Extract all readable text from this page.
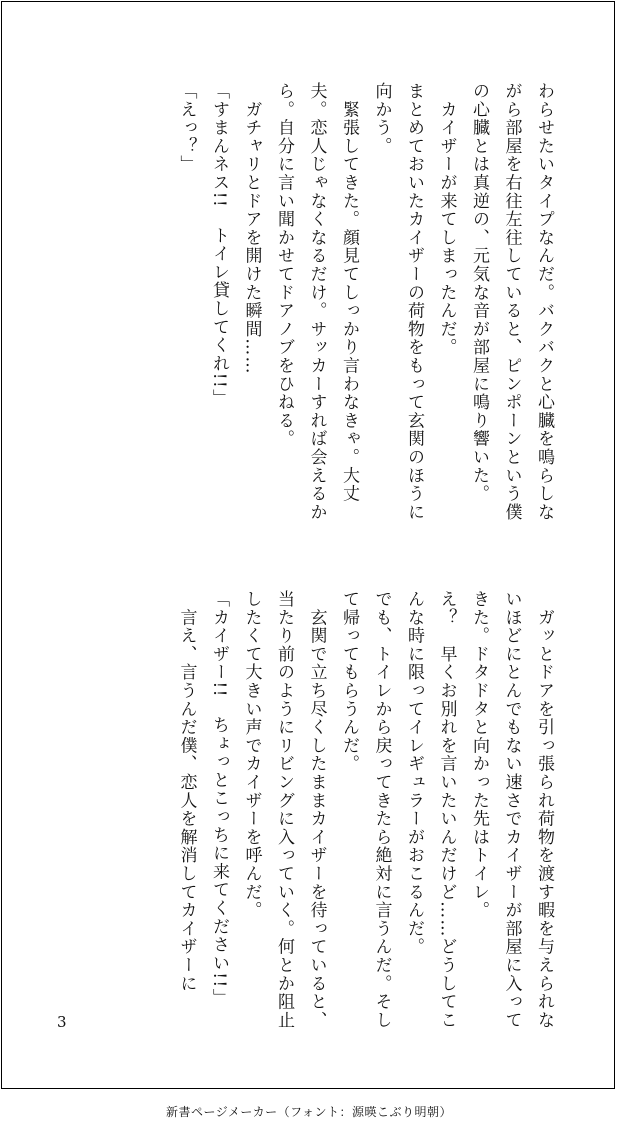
わらせたいタイプなんだ。バクバクと心臓を鳴らしながら部屋を右往左往していると、ピンポーンという僕の心臓とは真逆の、元気な音が部屋に鳴り響いた。

　カイザーが来てしまったんだ。

まとめておいたカイザーの荷物をもって玄関のほうに向かう。

　緊張してきた。顔見てしっかり言わなきゃ。大丈夫。恋人じゃなくなるだけ。サッカーすれば会えるから。自分に言い聞かせてドアノブをひねる。

　ガチャリとドアを開けた瞬間……

「すまんネス!!　トイレ貸してくれ!!」

「えっ？」

　ガッとドアを引っ張られ荷物を渡す暇を与えられないほどにとんでもない速さでカイザーが部屋に入ってきた。ドタドタと向かった先はトイレ。

え？　早くお別れを言いたいんだけど……どうしてこんな時に限ってイレギュラーがおこるんだ。

でも、トイレから戻ってきたら絶対に言うんだ。そして帰ってもらうんだ。

　玄関で立ち尽くしたままカイザーを待っていると、当たり前のようにリビングに入っていく。何とか阻止したくて大きい声でカイザーを呼んだ。

「カイザー!!　ちょっとこっちに来てください!!」

　言え、言うんだ僕、恋人を解消してカイザーに

3
新書ページメーカー（フォント：源暎こぶり明朝）
